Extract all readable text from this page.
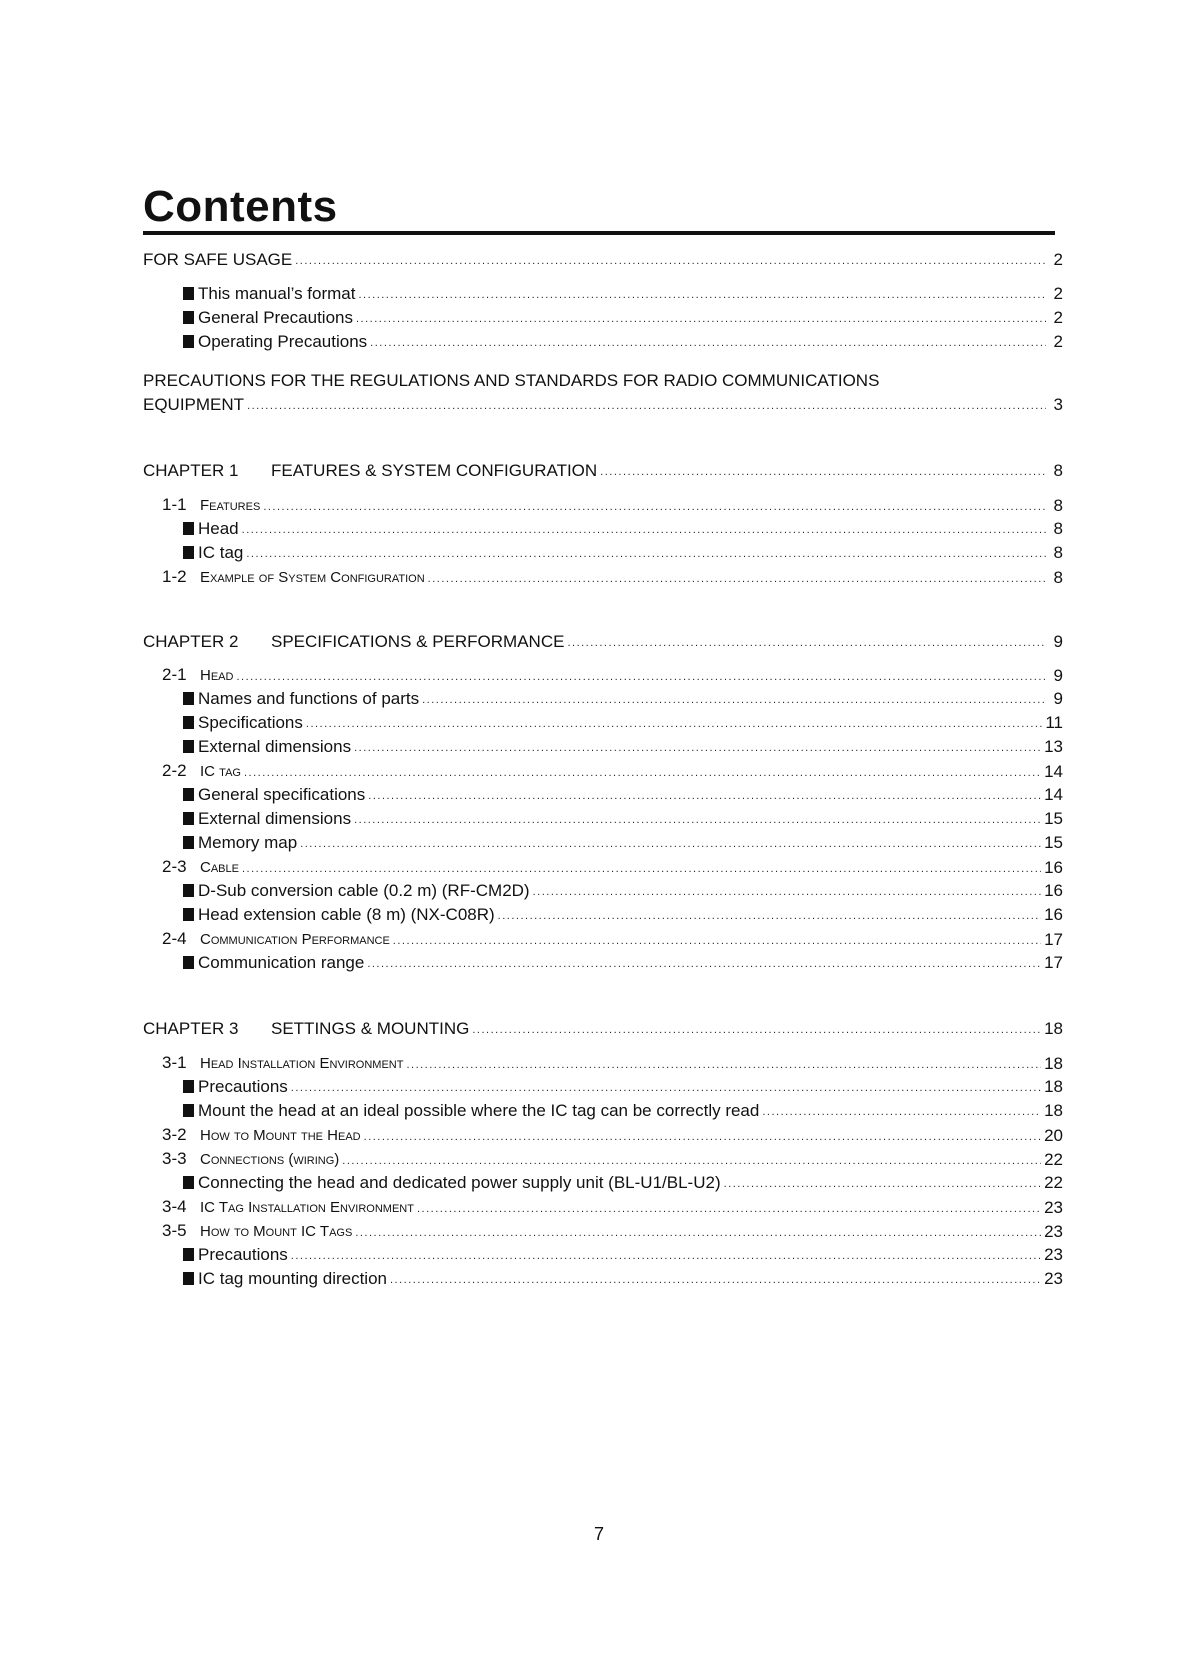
Contents
FOR SAFE USAGE .....	2
This manual’s format .....	2
General Precautions .....	2
Operating Precautions .....	2
PRECAUTIONS FOR THE REGULATIONS AND STANDARDS FOR RADIO COMMUNICATIONS
EQUIPMENT .....	3
CHAPTER 1 FEATURES & SYSTEM CONFIGURATION .....	8
1-1 Features .....	8
Head .....	8
IC tag .....	8
1-2 Example of System Configuration .....	8
CHAPTER 2 SPECIFICATIONS & PERFORMANCE .....	9
2-1 Head .....	9
Names and functions of parts .....	9
Specifications .....	11
External dimensions .....	13
2-2 IC tag .....	14
General specifications .....	14
External dimensions .....	15
Memory map .....	15
2-3 Cable .....	16
D-Sub conversion cable (0.2 m) (RF-CM2D) .....	16
Head extension cable (8 m) (NX-C08R) .....	16
2-4 Communication Performance .....	17
Communication range .....	17
CHAPTER 3 SETTINGS & MOUNTING .....	18
3-1 Head Installation Environment .....	18
Precautions .....	18
Mount the head at an ideal possible where the IC tag can be correctly read .....	18
3-2 How to Mount the Head .....	20
3-3 Connections (wiring) .....	22
Connecting the head and dedicated power supply unit (BL-U1/BL-U2) .....	22
3-4 IC Tag Installation Environment .....	23
3-5 How to Mount IC Tags .....	23
Precautions .....	23
IC tag mounting direction .....	23
7
